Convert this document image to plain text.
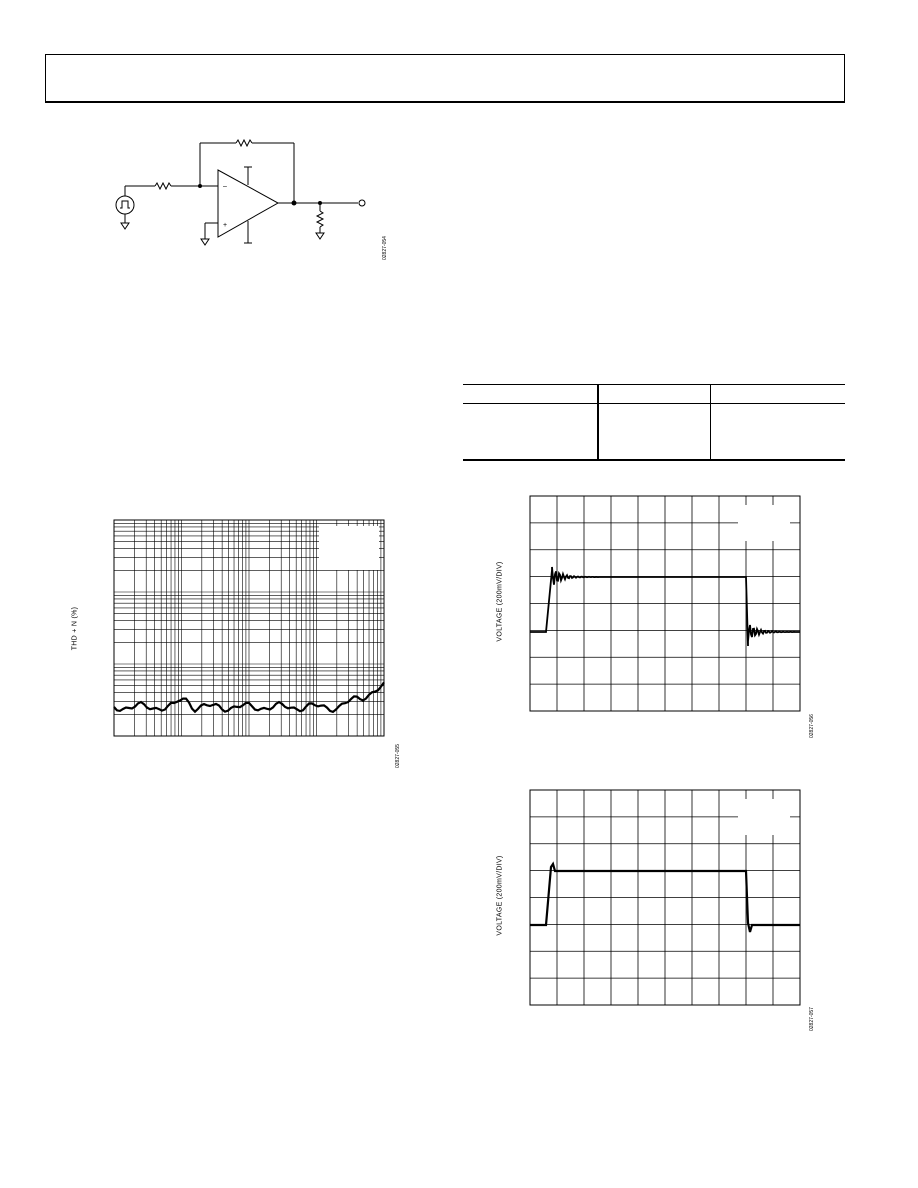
–
+
02827-054
THD + N (%)
02827-055
VOLTAGE (200mV/DIV)
02827-056
VOLTAGE (200mV/DIV)
02827-057
